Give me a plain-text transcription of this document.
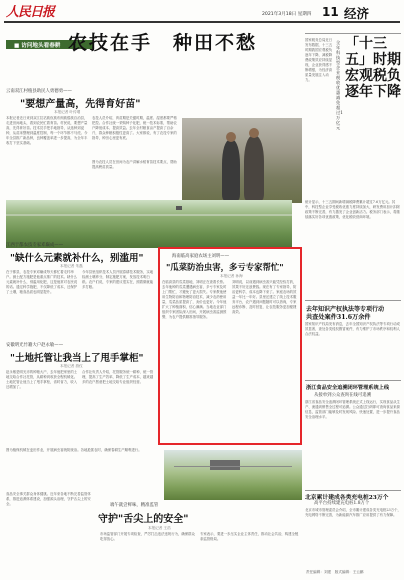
人民日报	2021年3月18日 星期四 11 经济
■ 访问地头看春耕 农技在手　种田不愁
云南双江村植县助民人勇德勇——
"要想产量高，先得育好苗"
本报记者 叶传增
本报记者近日来到双江拉祜族佤族布朗族傣族自治县，走进田间地头，看到农民忙着育苗。村民说，要想产量高，先得育好苗。技术员手把手地指导，从选种到浸种，从苗床整理到温度控制，每一个环节都不马虎。今年全县推广新品种，良种覆盖率进一步提高，为全年丰收打下坚实基础。
农技人员介绍，育苗期是关键时期，温度、湿度都要严格把控。合作社统一采购种子化肥，统一技术标准，帮助农户降低成本、提高效益。去年全村粮食亩产提高了百余斤，群众种粮积极性更高了。大家都说，有了农技专家的指导，种田心里更有底。
图为农技人员在田间为农户讲解水稻育苗技术要点，帮助提高秧苗质量。
江西于都农技专家邓巅成——
"缺什么元素就补什么，别滥用"
本报记者 朱磊
在于都县，农技专家邓巅成每天都忙着走村串户。测土配方施肥是他重点推广的技术。缺什么元素就补什么，别滥用化肥，这是他常对农民说的话。通过科学施肥，不仅降低了成本，还保护了土壤，粮食品质也明显提升。
今年县里组织技术人员开展春耕技术服务，实地检测土壤养分，制定施肥方案，发放技术明白纸。农户们说，专家的建议很实在，照着做就能多打粮。
安徽明光竹籍大户赵永敏——
"土地托管让我当上了甩手掌柜"
本报记者 游仪
赵永敏是明光市的种粮大户，去年他把家里的土地交给合作社托管，从耕种到收获全程机械化。土地托管让他当上了甩手掌柜，省时省力，收入还增加了。
合作社负责人介绍，托管服务统一耕种、统一管理，提高了生产效率，降低了生产成本，越来越多的农户愿意把土地交给专业组织经营。
海南临高家庭农场主刘明——
"瓜菜防治虫害，多亏专家帮忙"
本报记者 孙海
在临高县的瓜菜基地，刘明正在查看长势。去年他种的瓜菜遭遇病虫害，多亏专家及时上门帮忙，才避免了更大损失。专家教他使用生物防治和物理防治技术，减少农药使用量，瓜菜品质提高了，卖价也更好。今年他扩大了种植面积，信心满满。当地农业部门组织专家团队深入田间，开展病虫害监测预警，为农户提供精准指导服务。
刘明说，以前遇到病虫害只能凭经验打药，效果不好还浪费钱。现在有了专家指导，防治更科学，成本也降下来了。家庭农场的效益一年比一年好。县里还建立了线上技术服务平台，农户遇到问题随时可以咨询，专家远程诊断、及时回复，让农技服务更加便捷高效。
图为植保机械在麦田作业，开展病虫害统防统治。各地抢抓农时，确保春耕生产顺利进行。
端午就尝鲜味，精准监管
守护"舌尖上的安全"
本报记者 王浩
食品安全事关群众身体健康。近年来各地不断完善监管体系，推进追溯体系建设，加强源头治理，守护舌尖上的安全。
市场监管部门开展专项检查，严厉打击违法违规行为，确保群众吃得放心。
专家表示，要进一步压实企业主体责任，推动社会共治，构建全链条监管格局。
「十三五」时期宏观税负逐年下降
全年科技型企业税收优惠减免超过1万亿元
国家税务总局近日发布数据，十三五时期我国宏观税负逐年下降，减税降费政策效应持续显现，企业获得感不断增强，为经济高质量发展注入动力。
统计显示，十三五期间新增减税降费累计超过7.6万亿元。其中，科技型企业享受税收优惠力度持续加大，研发费用加计扣除政策不断完善，有力激发了企业创新活力。税务部门表示，将继续落实好各项优惠政策，优化税收营商环境。
去年知识产权执法等专项行动
共查处案件31.6万余件
国家知识产权局发布消息，去年全国知识产权执法等专项行动成效显著，查处各类侵权假冒案件，有力维护了市场秩序和权利人合法权益。
浙江食品安全追溯闭环管理系统上线
从接单到公众查询在线可追溯
浙江省食品安全追溯闭环管理系统正式上线运行，实现食品从生产、流通到销售全过程可追溯。公众通过扫码即可查询食品来源信息，监管部门能够及时发现风险、快速处置，进一步提升食品安全治理水平。
北京累计建成各类充电桩23万个
高平台持续建充电桩1.8万个
北京市城市管理委员会介绍，全市累计建成各类充电桩23万个，充电网络不断完善，为新能源汽车推广应用提供了有力保障。
责任编辑：刘建　版式编辑：王云鹏
